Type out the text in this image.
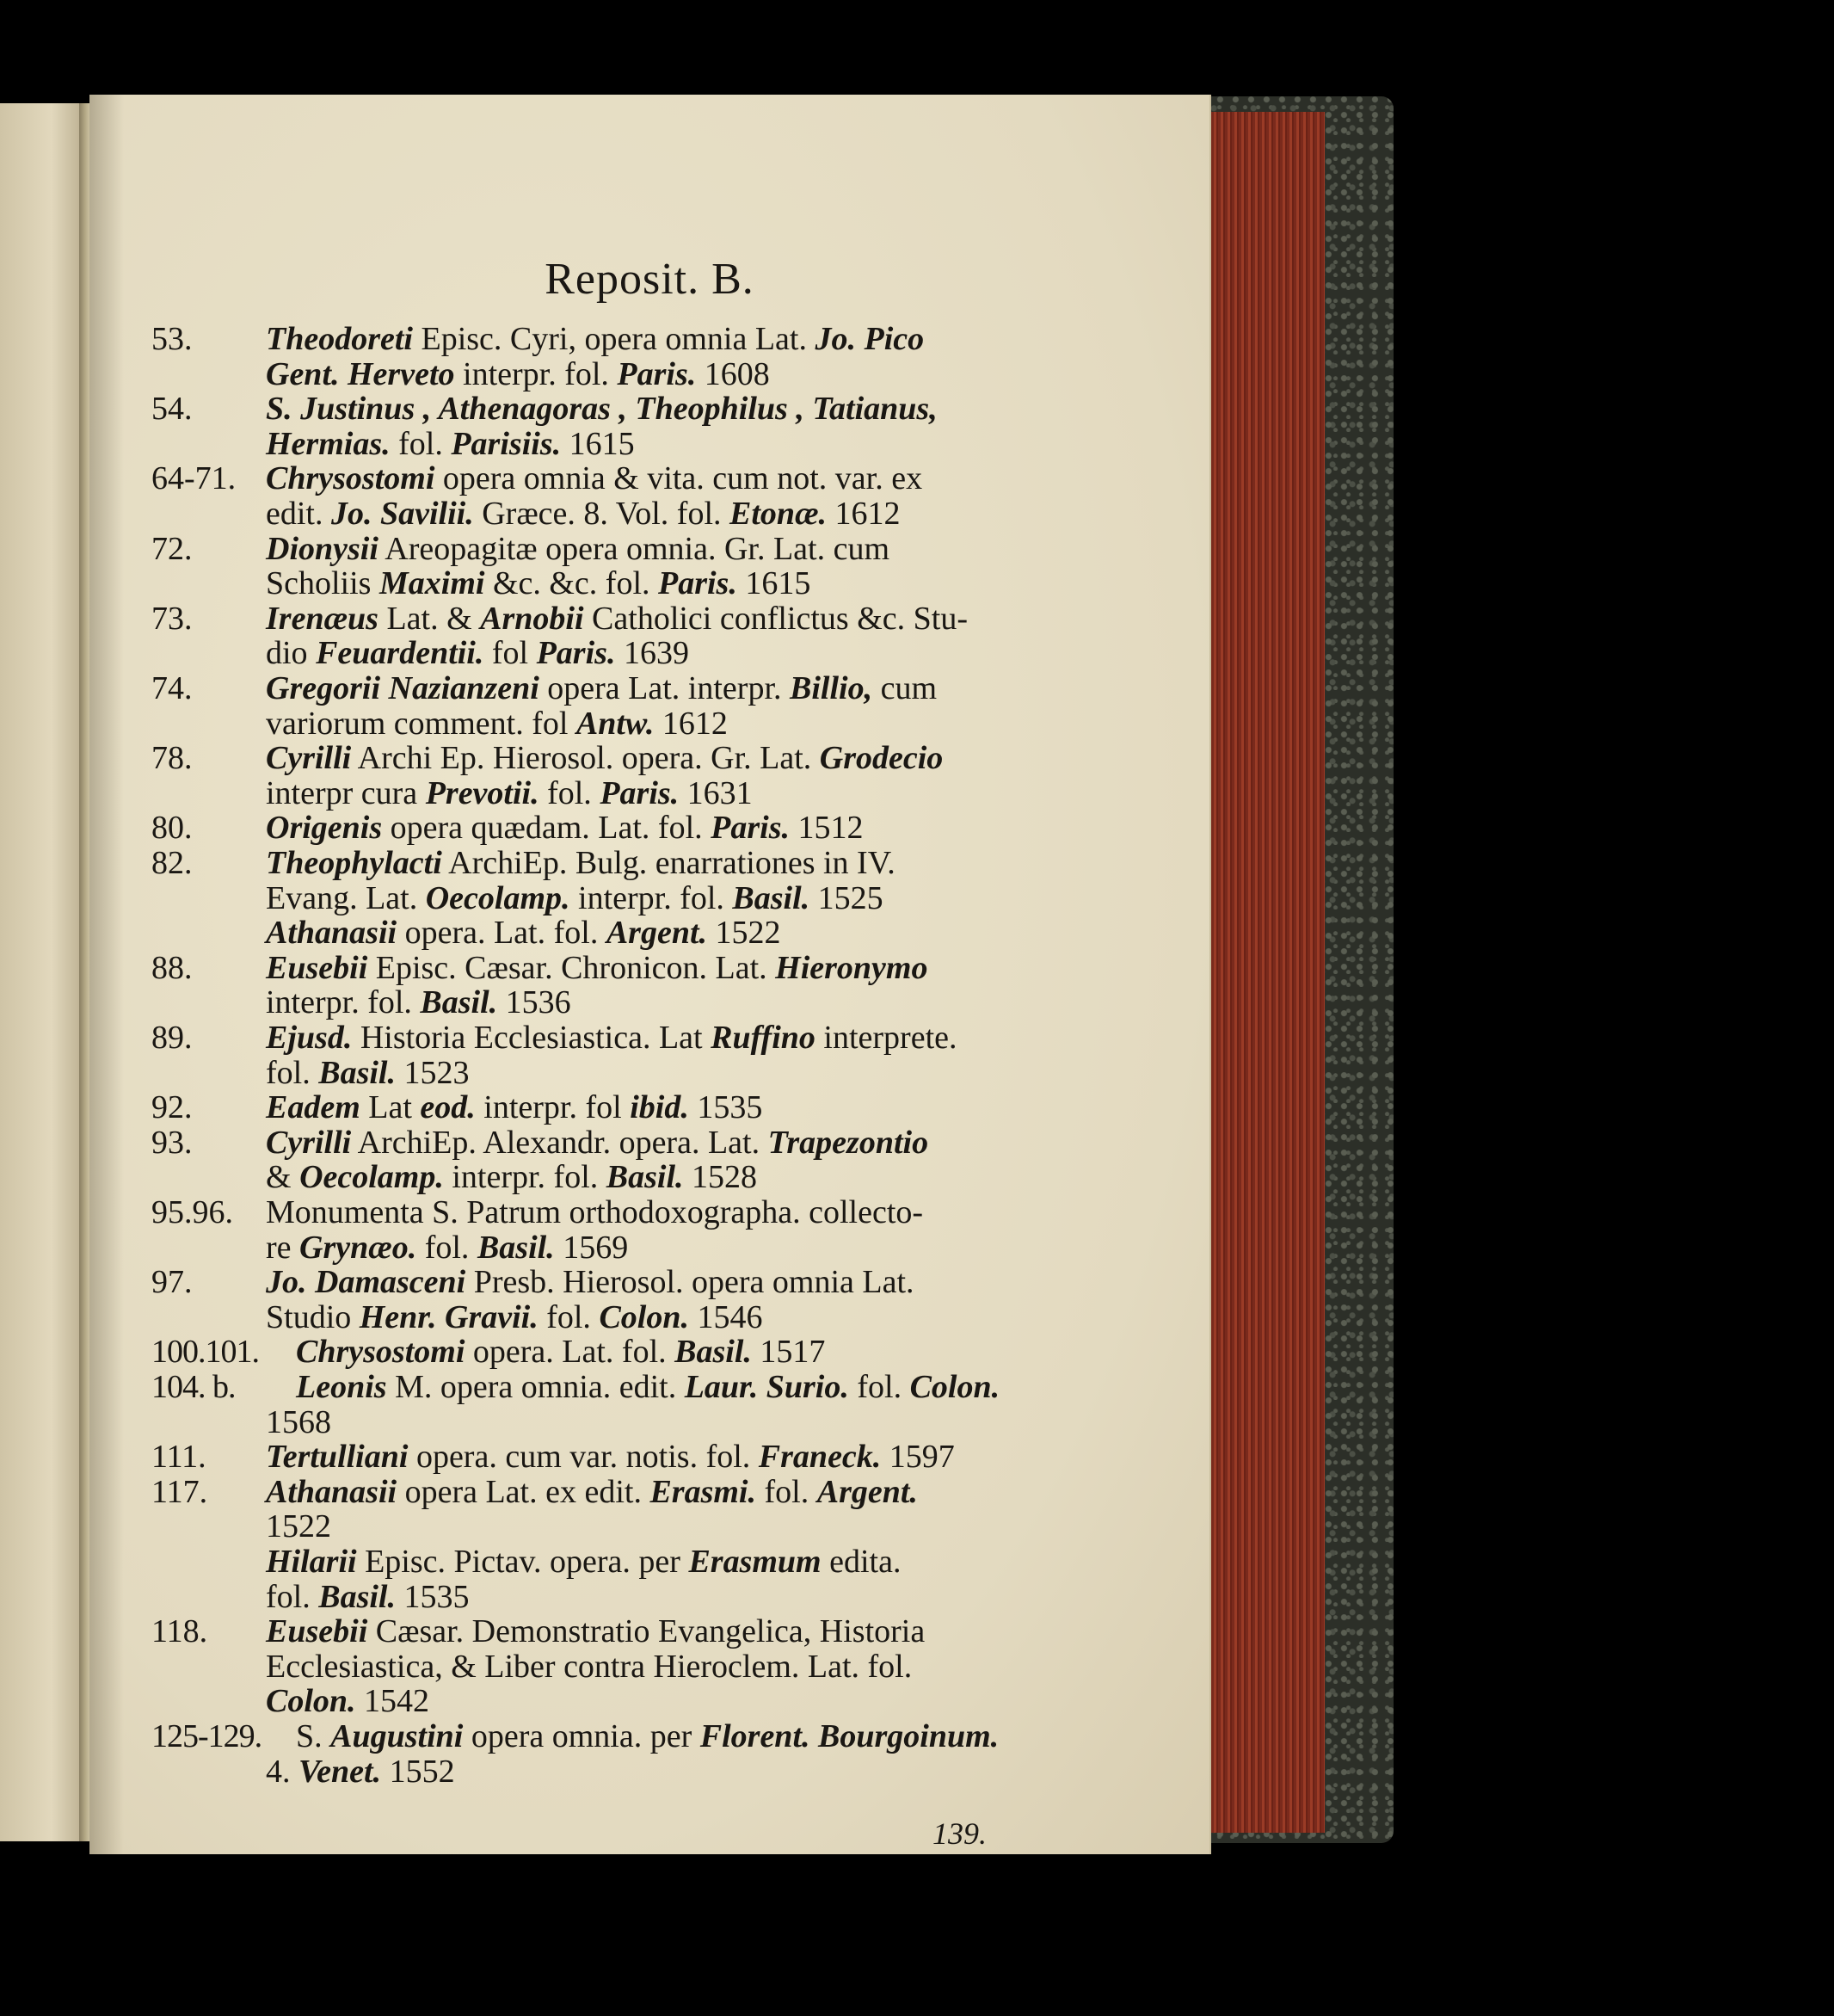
Reposit. B.
53. Theodoreti Episc. Cyri, opera omnia Lat. Jo. Pico
Gent. Herveto interpr. fol. Paris. 1608
54. S. Justinus , Athenagoras , Theophilus , Tatianus,
Hermias. fol. Parisiis. 1615
64-71. Chrysostomi opera omnia & vita. cum not. var. ex
edit. Jo. Savilii. Græce. 8. Vol. fol. Etonæ. 1612
72. Dionysii Areopagitæ opera omnia. Gr. Lat. cum
Scholiis Maximi &c. &c. fol. Paris. 1615
73. Irenæus Lat. & Arnobii Catholici conflictus &c. Stu-
dio Feuardentii. fol Paris. 1639
74. Gregorii Nazianzeni opera Lat. interpr. Billio, cum
variorum comment. fol Antw. 1612
78. Cyrilli Archi Ep. Hierosol. opera. Gr. Lat. Grodecio
interpr cura Prevotii. fol. Paris. 1631
80. Origenis opera quædam. Lat. fol. Paris. 1512
82. Theophylacti ArchiEp. Bulg. enarrationes in IV.
Evang. Lat. Oecolamp. interpr. fol. Basil. 1525
Athanasii opera. Lat. fol. Argent. 1522
88. Eusebii Episc. Cæsar. Chronicon. Lat. Hieronymo
interpr. fol. Basil. 1536
89. Ejusd. Historia Ecclesiastica. Lat Ruffino interprete.
fol. Basil. 1523
92. Eadem Lat eod. interpr. fol ibid. 1535
93. Cyrilli ArchiEp. Alexandr. opera. Lat. Trapezontio
& Oecolamp. interpr. fol. Basil. 1528
95.96. Monumenta S. Patrum orthodoxographa. collecto-
re Grynæo. fol. Basil. 1569
97. Jo. Damasceni Presb. Hierosol. opera omnia Lat.
Studio Henr. Gravii. fol. Colon. 1546
100.101. Chrysostomi opera. Lat. fol. Basil. 1517
104. b. Leonis M. opera omnia. edit. Laur. Surio. fol. Colon.
1568
111. Tertulliani opera. cum var. notis. fol. Franeck. 1597
117. Athanasii opera Lat. ex edit. Erasmi. fol. Argent.
1522
Hilarii Episc. Pictav. opera. per Erasmum edita.
fol. Basil. 1535
118. Eusebii Cæsar. Demonstratio Evangelica, Historia
Ecclesiastica, & Liber contra Hieroclem. Lat. fol.
Colon. 1542
125-129. S. Augustini opera omnia. per Florent. Bourgoinum.
4. Venet. 1552
139.
